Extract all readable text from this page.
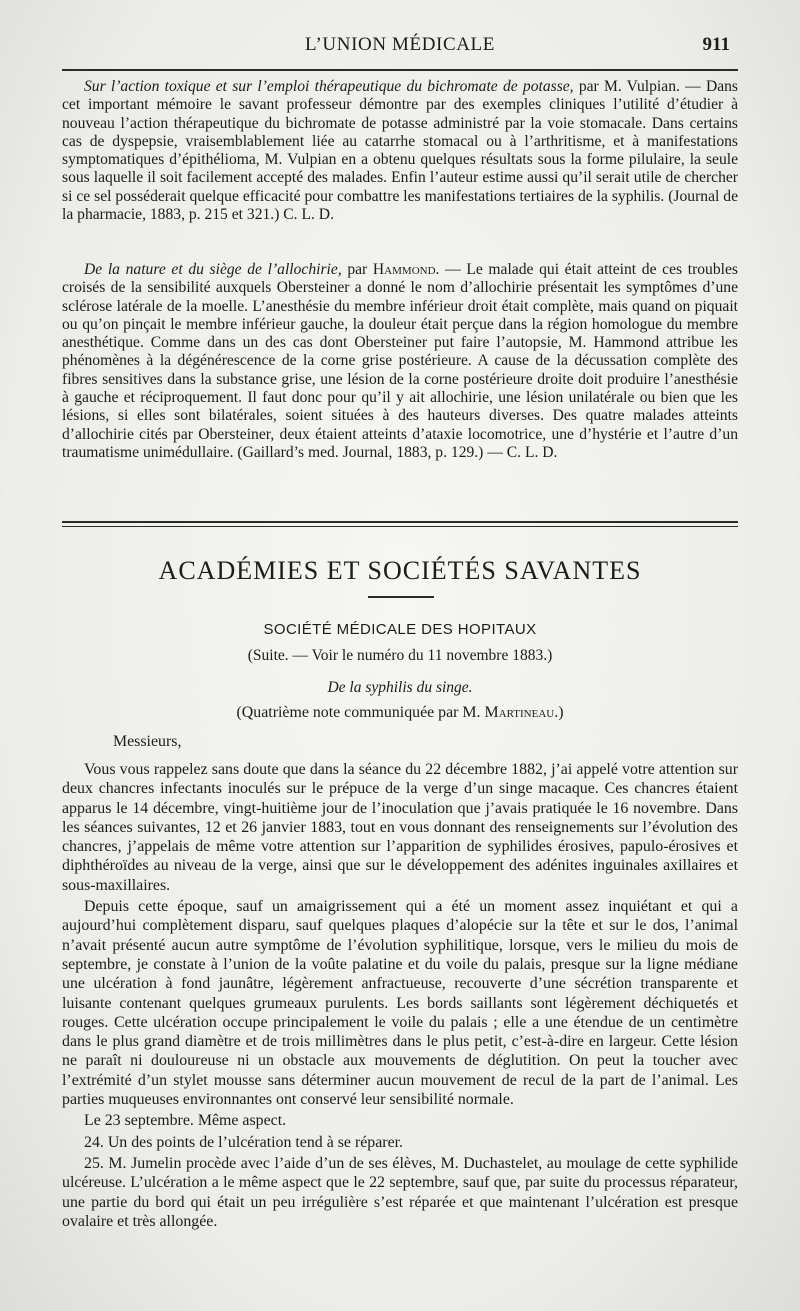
L’UNION MÉDICALE	911

Sur l’action toxique et sur l’emploi thérapeutique du bichromate de potasse, par M. Vulpian. — Dans cet important mémoire le savant professeur démontre par des exemples cliniques l’utilité d’étudier à nouveau l’action thérapeutique du bichromate de potasse administré par la voie stomacale. Dans certains cas de dyspepsie, vraisemblablement liée au catarrhe stomacal ou à l’arthritisme, et à manifestations symptomatiques d’épithélioma, M. Vulpian en a obtenu quelques résultats sous la forme pilulaire, la seule sous laquelle il soit facilement accepté des malades. Enfin l’auteur estime aussi qu’il serait utile de chercher si ce sel posséderait quelque efficacité pour combattre les manifestations tertiaires de la syphilis. (Journal de la pharmacie, 1883, p. 215 et 321.) C. L. D.

De la nature et du siège de l’allochirie, par Hammond. — Le malade qui était atteint de ces troubles croisés de la sensibilité auxquels Obersteiner a donné le nom d’allochirie présentait les symptômes d’une sclérose latérale de la moelle. L’anesthésie du membre inférieur droit était complète, mais quand on piquait ou qu’on pinçait le membre inférieur gauche, la douleur était perçue dans la région homologue du membre anesthétique. Comme dans un des cas dont Obersteiner put faire l’autopsie, M. Hammond attribue les phénomènes à la dégénérescence de la corne grise postérieure. A cause de la décussation complète des fibres sensitives dans la substance grise, une lésion de la corne postérieure droite doit produire l’anesthésie à gauche et réciproquement. Il faut donc pour qu’il y ait allochirie, une lésion unilatérale ou bien que les lésions, si elles sont bilatérales, soient situées à des hauteurs diverses. Des quatre malades atteints d’allochirie cités par Obersteiner, deux étaient atteints d’ataxie locomotrice, une d’hystérie et l’autre d’un traumatisme unimédullaire. (Gaillard’s med. Journal, 1883, p. 129.) — C. L. D.

ACADÉMIES ET SOCIÉTÉS SAVANTES
SOCIÉTÉ MÉDICALE DES HOPITAUX
(Suite. — Voir le numéro du 11 novembre 1883.)
De la syphilis du singe.
(Quatrième note communiquée par M. Martineau.)

Messieurs,

Vous vous rappelez sans doute que dans la séance du 22 décembre 1882, j’ai appelé votre attention sur deux chancres infectants inoculés sur le prépuce de la verge d’un singe macaque. Ces chancres étaient apparus le 14 décembre, vingt-huitième jour de l’inoculation que j’avais pratiquée le 16 novembre. Dans les séances suivantes, 12 et 26 janvier 1883, tout en vous donnant des renseignements sur l’évolution des chancres, j’appelais de même votre attention sur l’apparition de syphilides érosives, papulo-érosives et diphthéroïdes au niveau de la verge, ainsi que sur le développement des adénites inguinales axillaires et sous-maxillaires.

Depuis cette époque, sauf un amaigrissement qui a été un moment assez inquiétant et qui a aujourd’hui complètement disparu, sauf quelques plaques d’alopécie sur la tête et sur le dos, l’animal n’avait présenté aucun autre symptôme de l’évolution syphilitique, lorsque, vers le milieu du mois de septembre, je constate à l’union de la voûte palatine et du voile du palais, presque sur la ligne médiane une ulcération à fond jaunâtre, légèrement anfractueuse, recouverte d’une sécrétion transparente et luisante contenant quelques grumeaux purulents. Les bords saillants sont légèrement déchiquetés et rouges. Cette ulcération occupe principalement le voile du palais ; elle a une étendue de un centimètre dans le plus grand diamètre et de trois millimètres dans le plus petit, c’est-à-dire en largeur. Cette lésion ne paraît ni douloureuse ni un obstacle aux mouvements de déglutition. On peut la toucher avec l’extrémité d’un stylet mousse sans déterminer aucun mouvement de recul de la part de l’animal. Les parties muqueuses environnantes ont conservé leur sensibilité normale.

Le 23 septembre. Même aspect.

24. Un des points de l’ulcération tend à se réparer.

25. M. Jumelin procède avec l’aide d’un de ses élèves, M. Duchastelet, au moulage de cette syphilide ulcéreuse. L’ulcération a le même aspect que le 22 septembre, sauf que, par suite du processus réparateur, une partie du bord qui était un peu irrégulière s’est réparée et que maintenant l’ulcération est presque ovalaire et très allongée.
